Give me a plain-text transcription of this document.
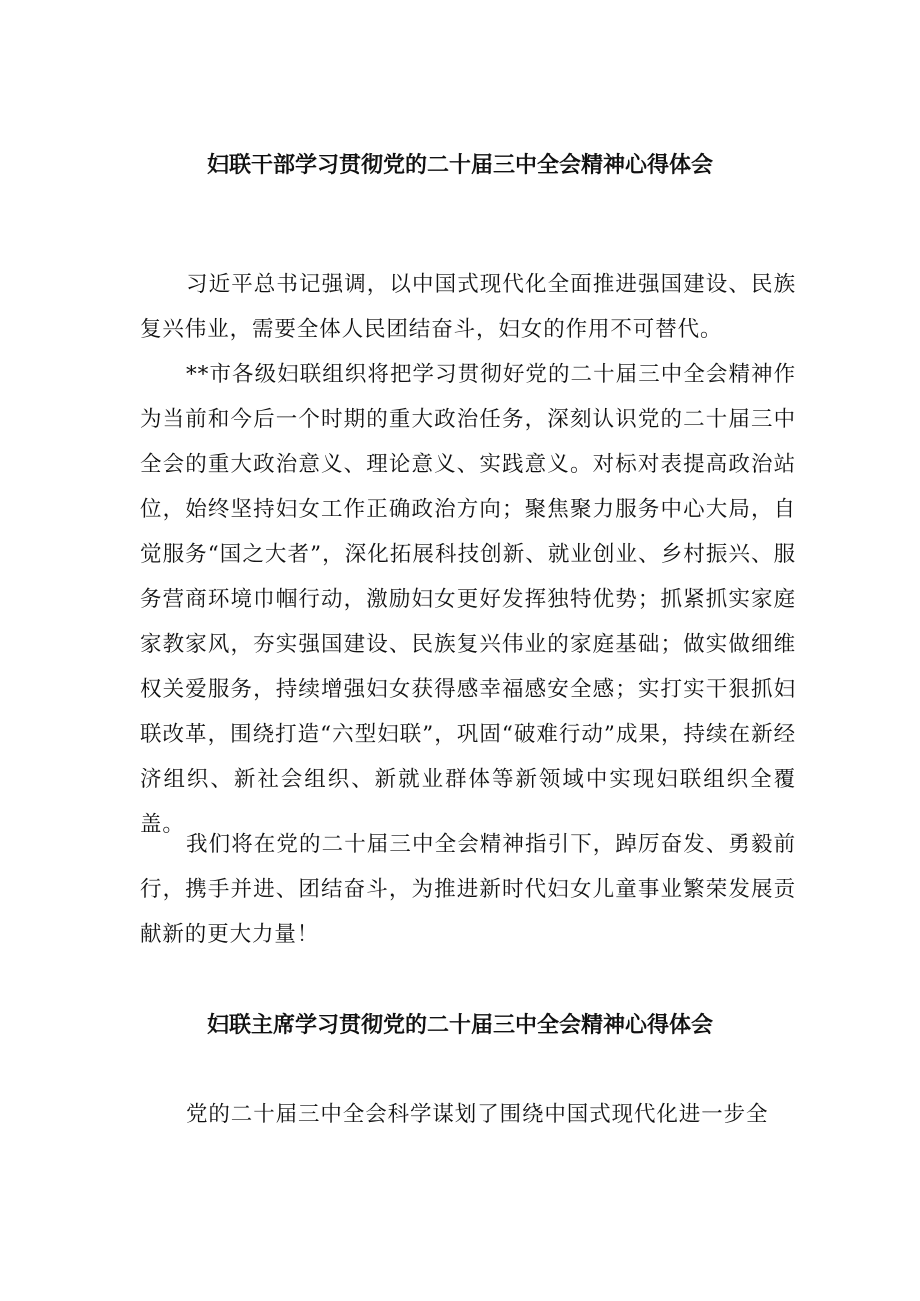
妇联干部学习贯彻党的二十届三中全会精神心得体会

习近平总书记强调，以中国式现代化全面推进强国建设、民族复兴伟业，需要全体人民团结奋斗，妇女的作用不可替代。

**市各级妇联组织将把学习贯彻好党的二十届三中全会精神作为当前和今后一个时期的重大政治任务，深刻认识党的二十届三中全会的重大政治意义、理论意义、实践意义。对标对表提高政治站位，始终坚持妇女工作正确政治方向；聚焦聚力服务中心大局，自觉服务“国之大者”，深化拓展科技创新、就业创业、乡村振兴、服务营商环境巾帼行动，激励妇女更好发挥独特优势；抓紧抓实家庭家教家风，夯实强国建设、民族复兴伟业的家庭基础；做实做细维权关爱服务，持续增强妇女获得感幸福感安全感；实打实干狠抓妇联改革，围绕打造“六型妇联”，巩固“破难行动”成果，持续在新经济组织、新社会组织、新就业群体等新领域中实现妇联组织全覆盖。

我们将在党的二十届三中全会精神指引下，踔厉奋发、勇毅前行，携手并进、团结奋斗，为推进新时代妇女儿童事业繁荣发展贡献新的更大力量！

妇联主席学习贯彻党的二十届三中全会精神心得体会

党的二十届三中全会科学谋划了围绕中国式现代化进一步全
